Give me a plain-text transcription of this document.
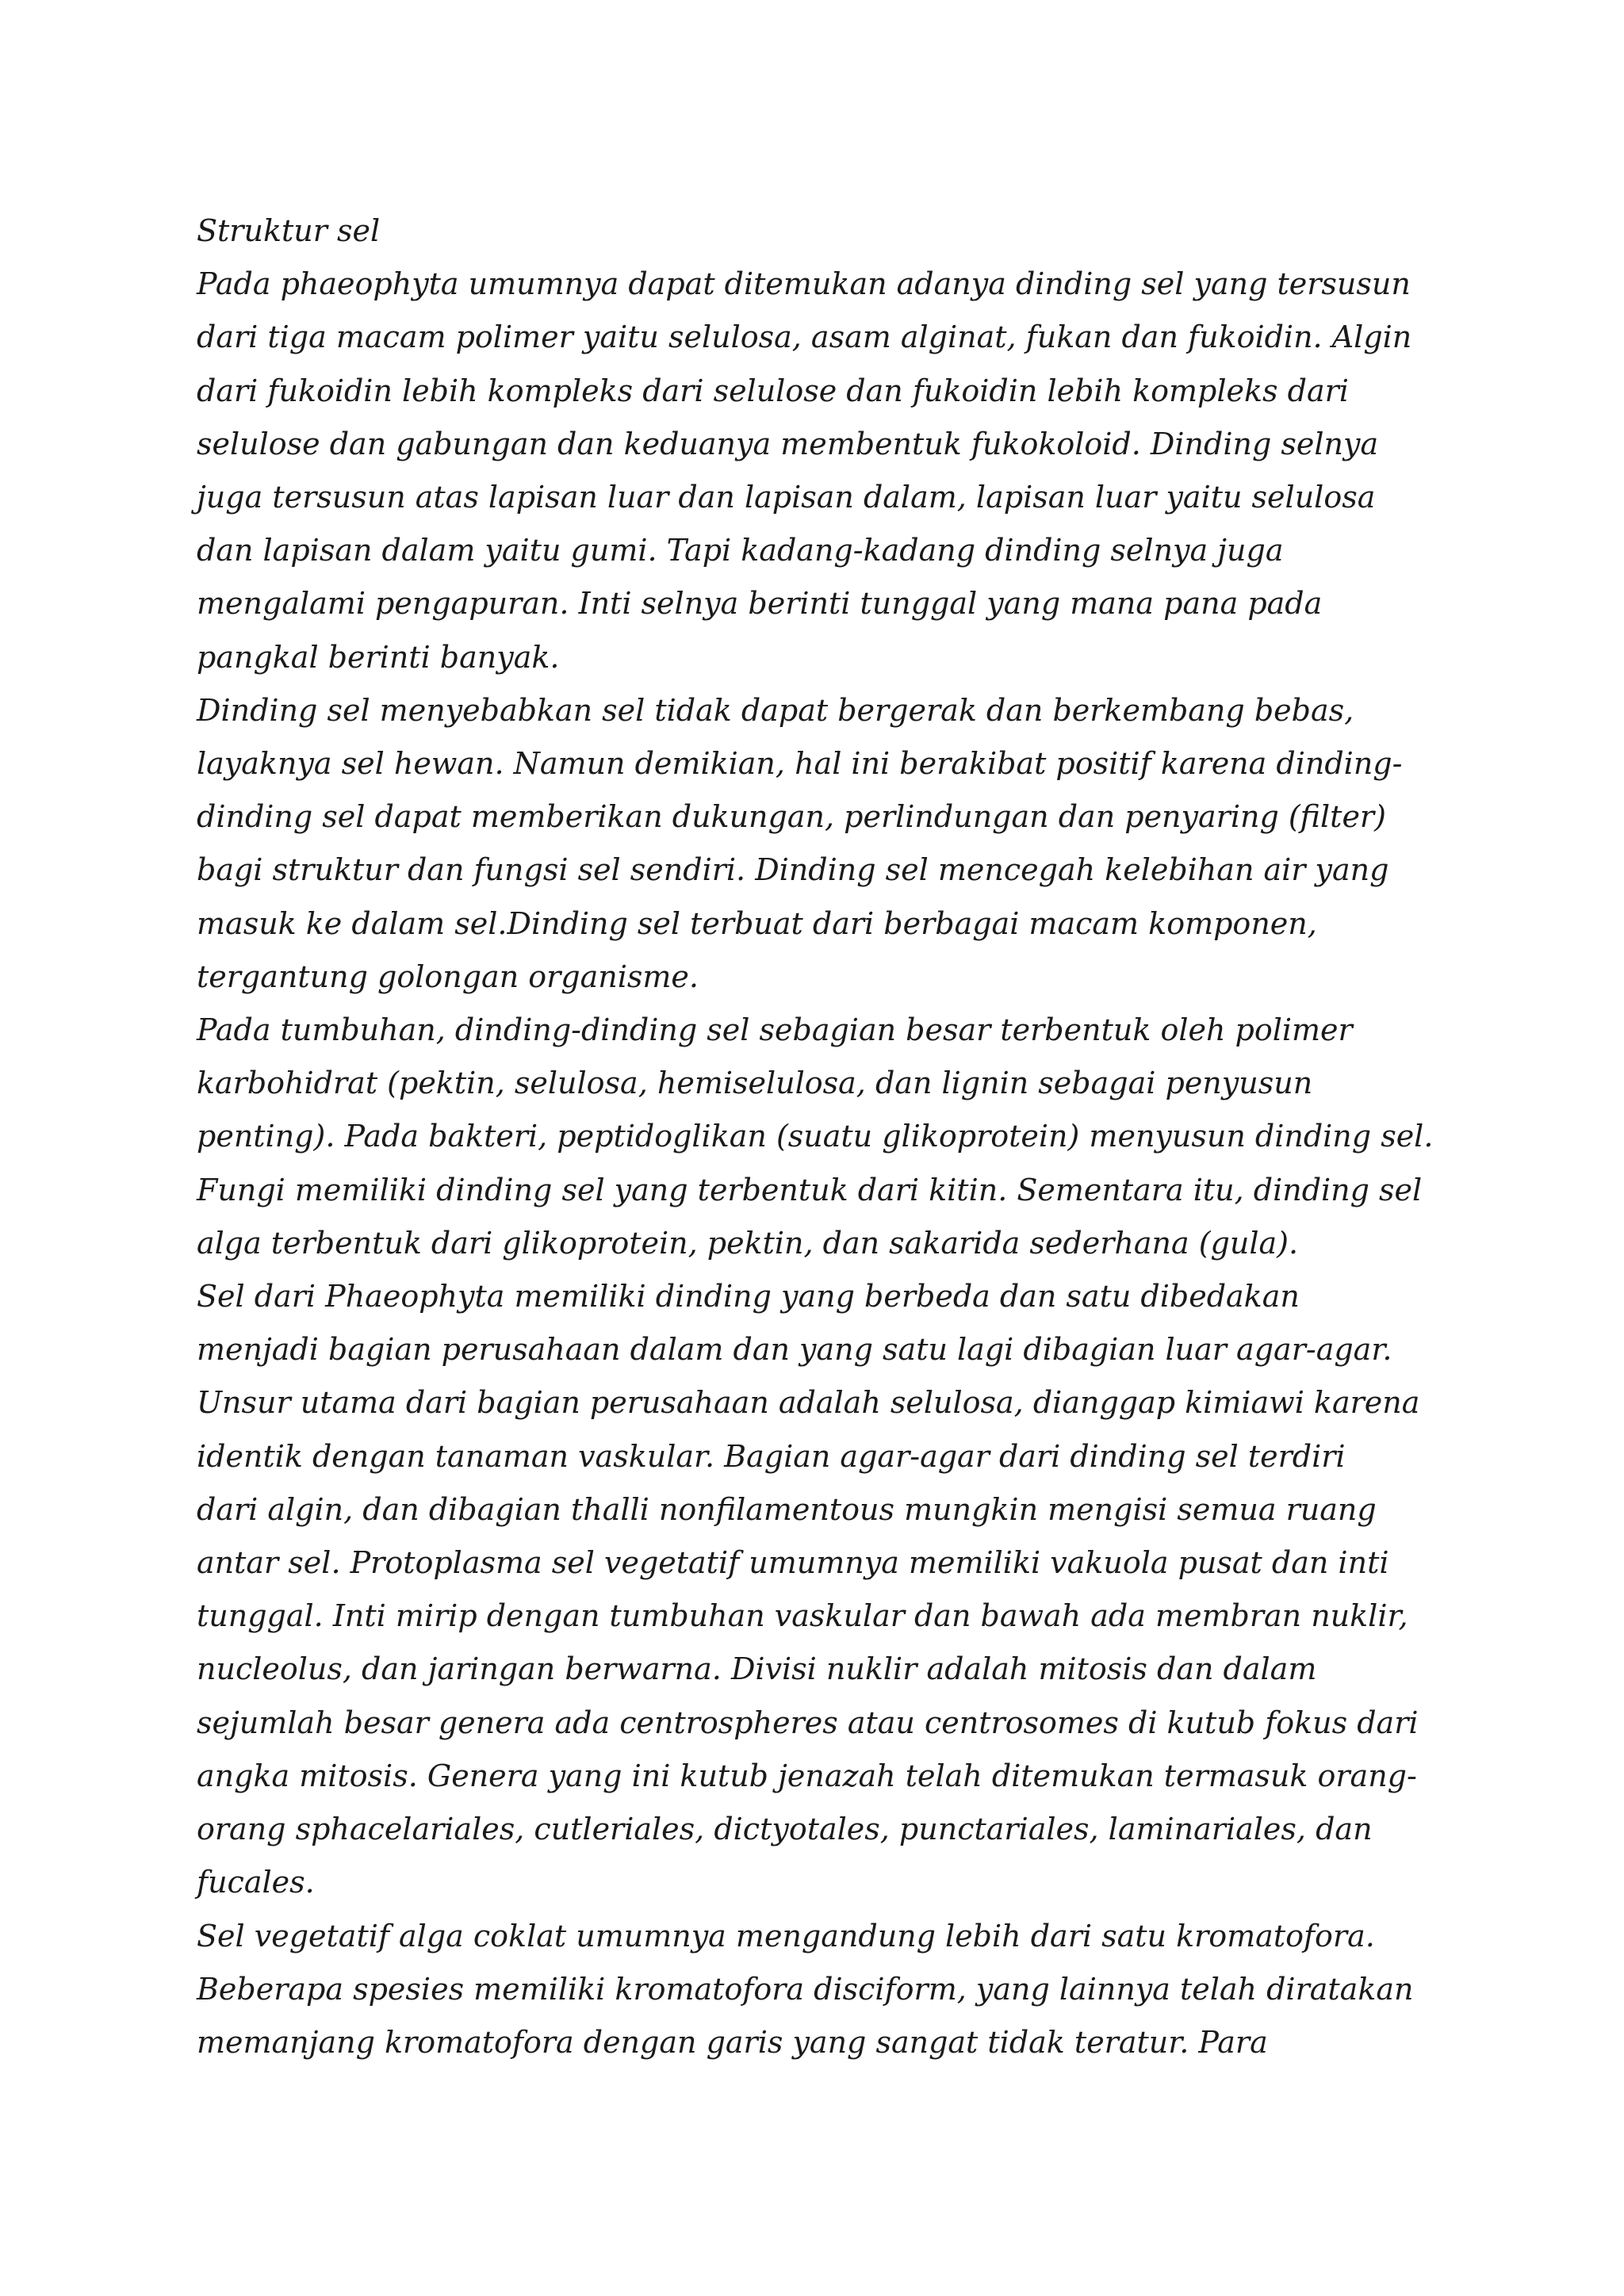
Struktur sel
Pada phaeophyta umumnya dapat ditemukan adanya dinding sel yang tersusun
dari tiga macam polimer yaitu selulosa, asam alginat, fukan dan fukoidin. Algin
dari fukoidin lebih kompleks dari selulose dan fukoidin lebih kompleks dari
selulose dan gabungan dan keduanya membentuk fukokoloid. Dinding selnya
juga tersusun atas lapisan luar dan lapisan dalam, lapisan luar yaitu selulosa
dan lapisan dalam yaitu gumi. Tapi kadang-kadang dinding selnya juga
mengalami pengapuran. Inti selnya berinti tunggal yang mana pana pada
pangkal berinti banyak.
Dinding sel menyebabkan sel tidak dapat bergerak dan berkembang bebas,
layaknya sel hewan. Namun demikian, hal ini berakibat positif karena dinding-
dinding sel dapat memberikan dukungan, perlindungan dan penyaring (filter)
bagi struktur dan fungsi sel sendiri. Dinding sel mencegah kelebihan air yang
masuk ke dalam sel.Dinding sel terbuat dari berbagai macam komponen,
tergantung golongan organisme.
Pada tumbuhan, dinding-dinding sel sebagian besar terbentuk oleh polimer
karbohidrat (pektin, selulosa, hemiselulosa, dan lignin sebagai penyusun
penting). Pada bakteri, peptidoglikan (suatu glikoprotein) menyusun dinding sel.
Fungi memiliki dinding sel yang terbentuk dari kitin. Sementara itu, dinding sel
alga terbentuk dari glikoprotein, pektin, dan sakarida sederhana (gula).
Sel dari Phaeophyta memiliki dinding yang berbeda dan satu dibedakan
menjadi bagian perusahaan dalam dan yang satu lagi dibagian luar agar-agar.
Unsur utama dari bagian perusahaan adalah selulosa, dianggap kimiawi karena
identik dengan tanaman vaskular. Bagian agar-agar dari dinding sel terdiri
dari algin, dan dibagian thalli nonfilamentous mungkin mengisi semua ruang
antar sel. Protoplasma sel vegetatif umumnya memiliki vakuola pusat dan inti
tunggal. Inti mirip dengan tumbuhan vaskular dan bawah ada membran nuklir,
nucleolus, dan jaringan berwarna. Divisi nuklir adalah mitosis dan dalam
sejumlah besar genera ada centrospheres atau centrosomes di kutub fokus dari
angka mitosis. Genera yang ini kutub jenazah telah ditemukan termasuk orang-
orang sphacelariales, cutleriales, dictyotales, punctariales, laminariales, dan
fucales.
Sel vegetatif alga coklat umumnya mengandung lebih dari satu kromatofora.
Beberapa spesies memiliki kromatofora disciform, yang lainnya telah diratakan
memanjang kromatofora dengan garis yang sangat tidak teratur. Para
